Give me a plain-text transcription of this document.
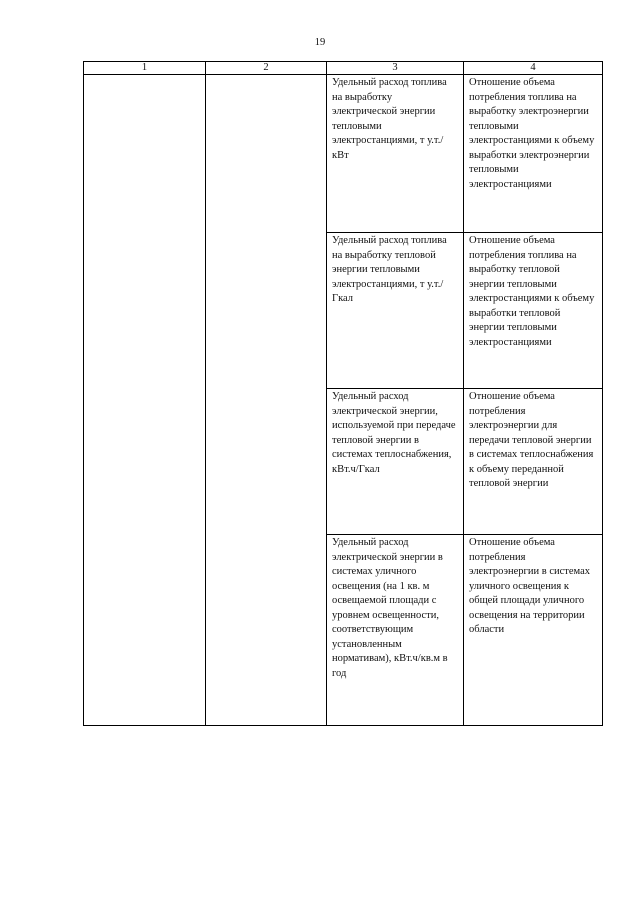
19
1	2	3	4

		Удельный расход топлива на выработку электрической энергии тепловыми электростанциями, т у.т./ кВт	Отношение объема потребления топлива на выработку электроэнергии тепловыми электростанциями к объему выработки электроэнергии тепловыми электростанциями

		Удельный расход топлива на выработку тепловой энергии тепловыми электростанциями, т у.т./ Гкал	Отношение объема потребления топлива на выработку тепловой энергии тепловыми электростанциями к объему выработки тепловой энергии тепловыми электростанциями

		Удельный расход электрической энергии, используемой при передаче тепловой энергии в системах теплоснабжения, кВт.ч/Гкал	Отношение объема потребления электроэнергии для передачи тепловой энергии в системах теплоснабжения к объему переданной тепловой энергии

		Удельный расход электрической энергии в системах уличного освещения (на 1 кв. м освещаемой площади с уровнем освещенности, соответствующим установленным нормативам), кВт.ч/кв.м в год	Отношение объема потребления электроэнергии в системах уличного освещения к общей площади уличного освещения на территории области
